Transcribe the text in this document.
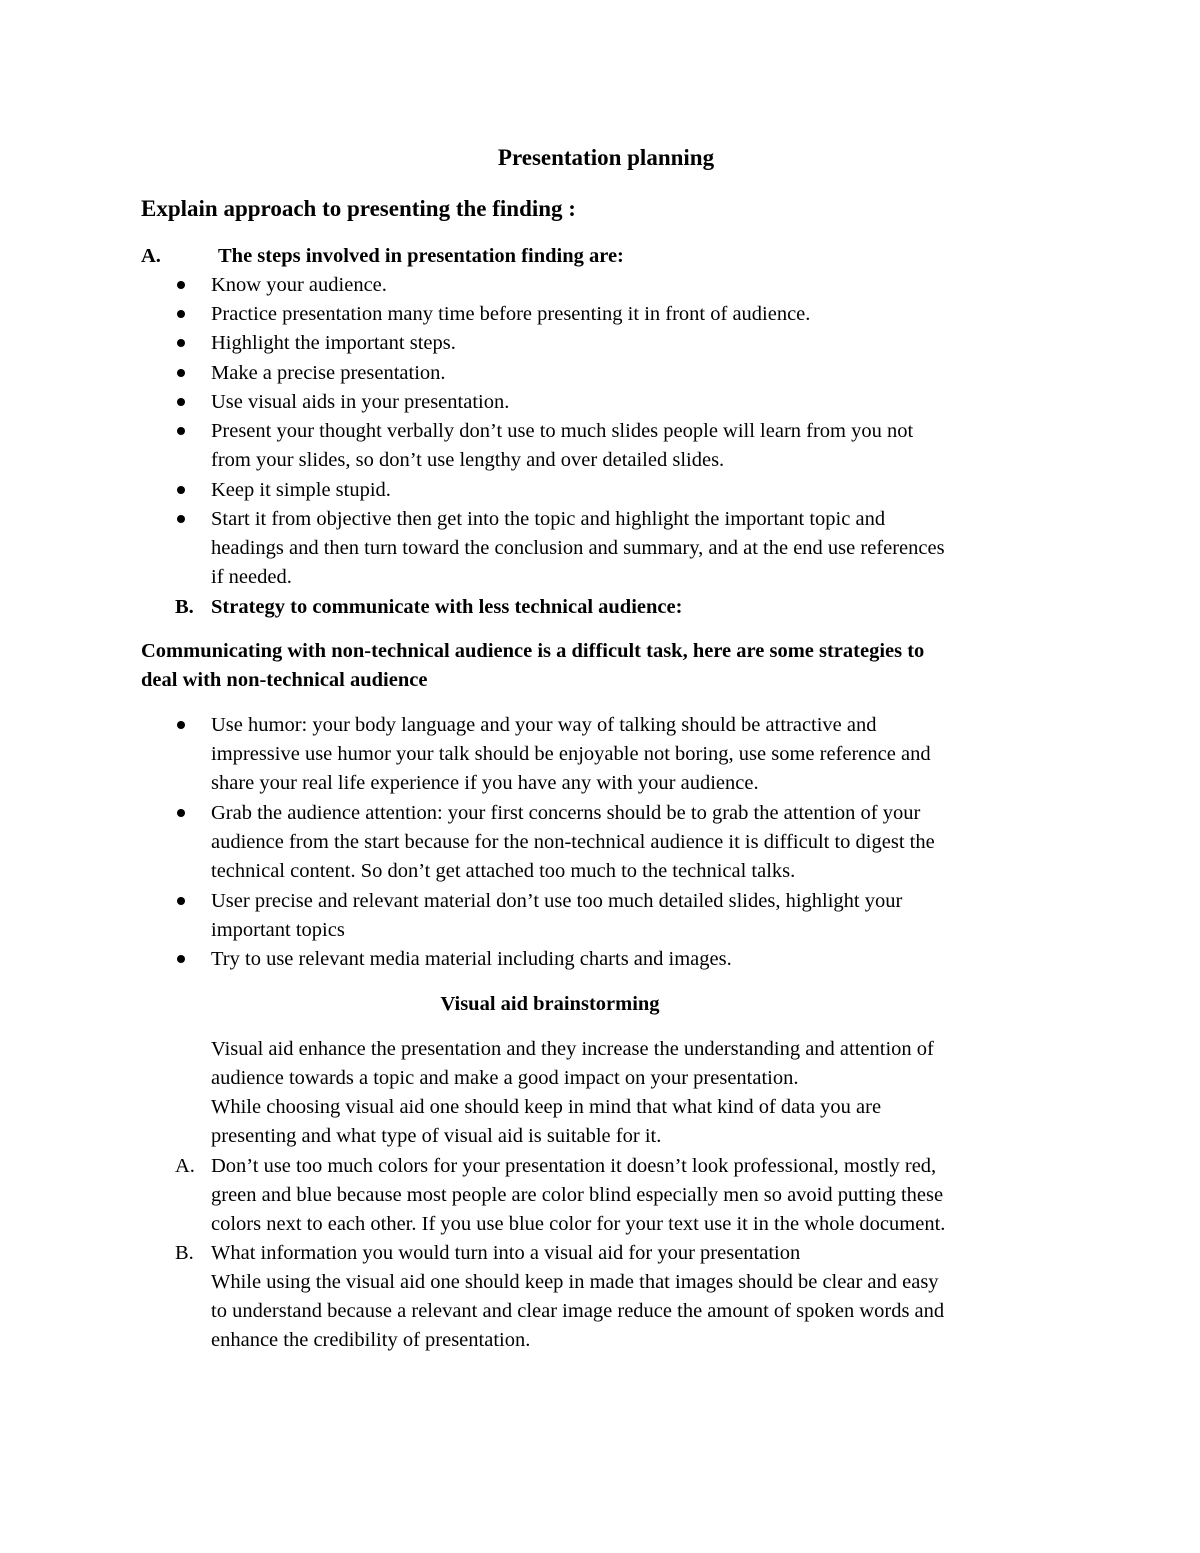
Presentation planning
Explain approach to presenting the finding :
A.	The steps involved in presentation finding are:
Know your audience.
Practice presentation many time before presenting it in front of audience.
Highlight the important steps.
Make a precise presentation.
Use visual aids in your presentation.
Present your thought verbally don’t use to much slides people will learn from you not
from your slides, so don’t use lengthy and over detailed slides.
Keep it simple stupid.
Start it from objective then get into the topic and highlight the important topic and
headings and then turn toward the conclusion and summary, and at the end use references
if needed.
B. Strategy to communicate with less technical audience:
Communicating with non-technical audience is a difficult task, here are some strategies to
deal with non-technical audience
Use humor: your body language and your way of talking should be attractive and
impressive use humor your talk should be enjoyable not boring, use some reference and
share your real life experience if you have any with your audience.
Grab the audience attention: your first concerns should be to grab the attention of your
audience from the start because for the non-technical audience it is difficult to digest the
technical content. So don’t get attached too much to the technical talks.
User precise and relevant material don’t use too much detailed slides, highlight your
important topics
Try to use relevant media material including charts and images.
Visual aid brainstorming
Visual aid enhance the presentation and they increase the understanding and attention of
audience towards a topic and make a good impact on your presentation.
While choosing visual aid one should keep in mind that what kind of data you are
presenting and what type of visual aid is suitable for it.
A. Don’t use too much colors for your presentation it doesn’t look professional, mostly red,
green and blue because most people are color blind especially men so avoid putting these
colors next to each other. If you use blue color for your text use it in the whole document.
B. What information you would turn into a visual aid for your presentation
While using the visual aid one should keep in made that images should be clear and easy
to understand because a relevant and clear image reduce the amount of spoken words and
enhance the credibility of presentation.
